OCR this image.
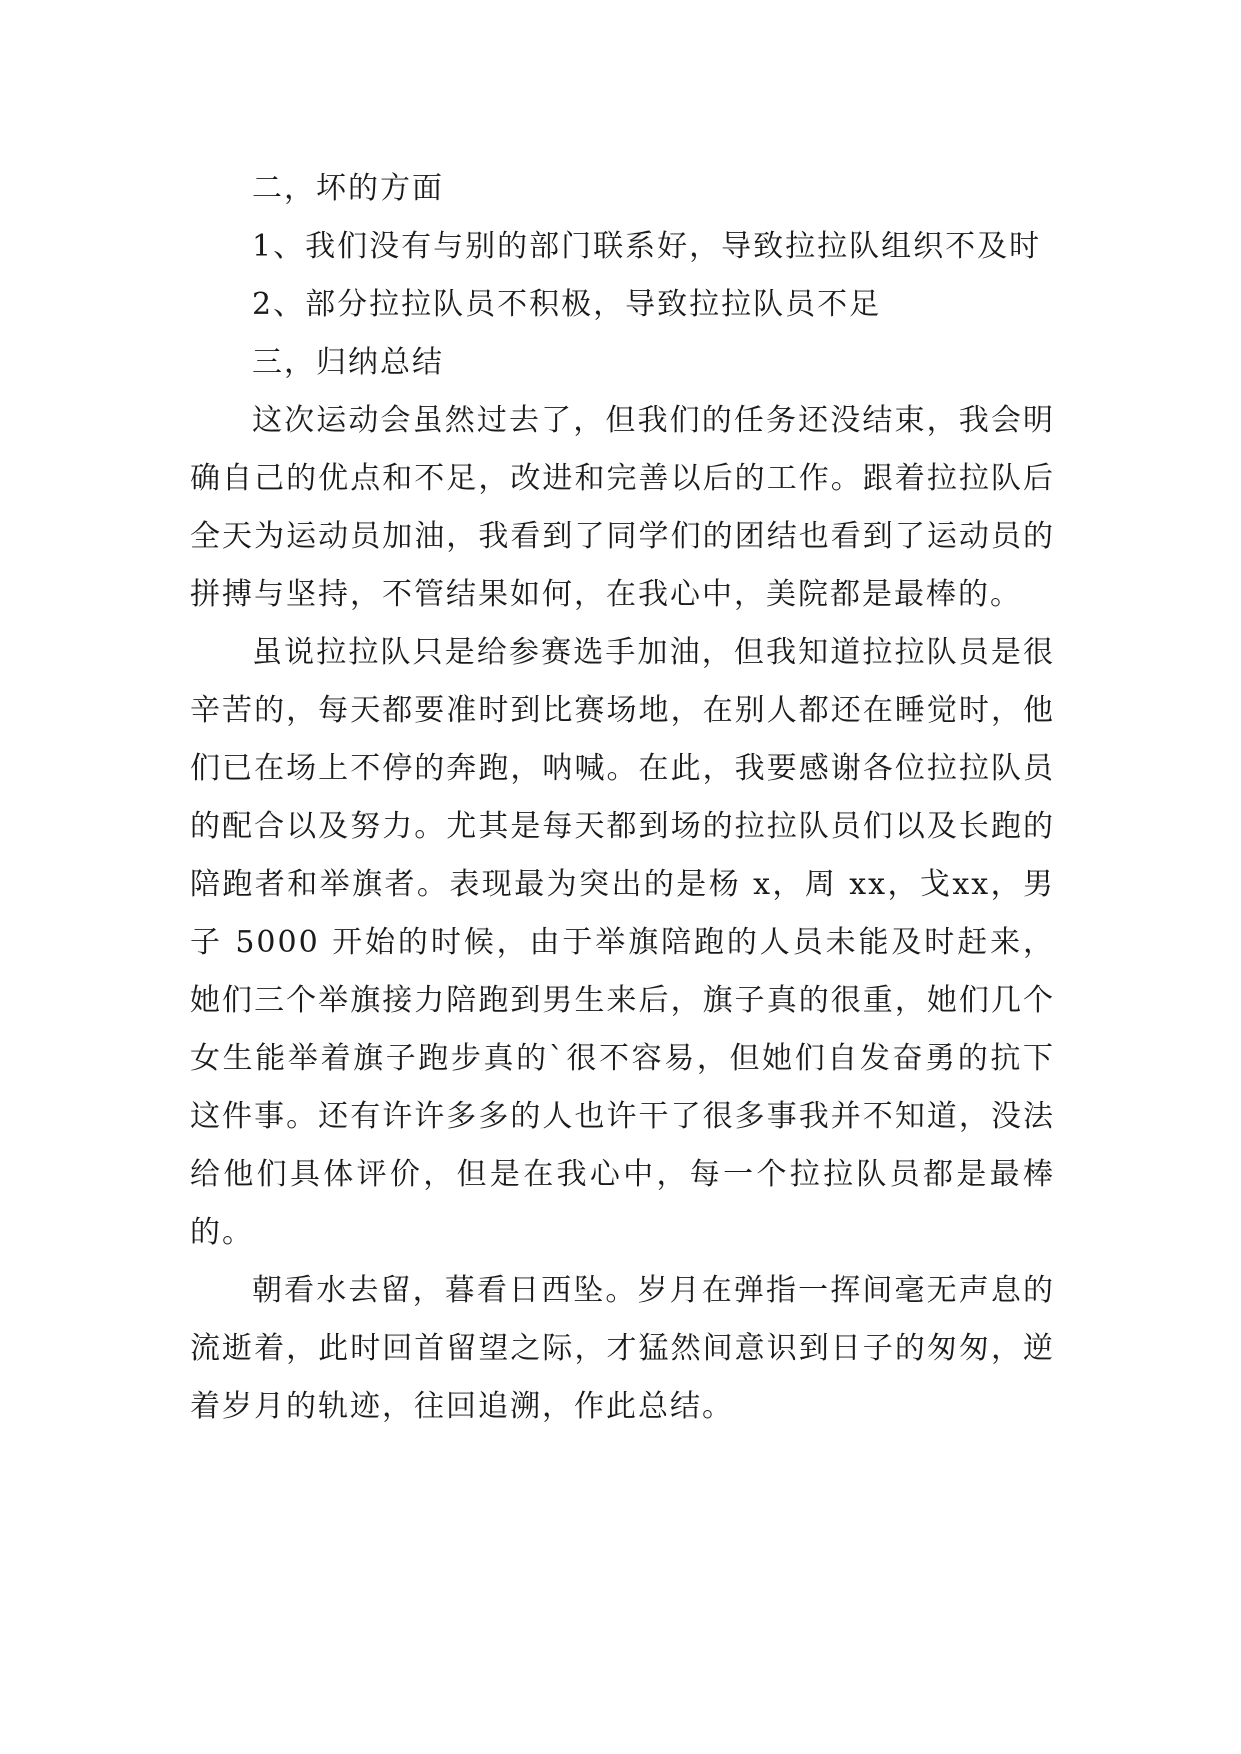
二，坏的方面

1、我们没有与别的部门联系好，导致拉拉队组织不及时

2、部分拉拉队员不积极，导致拉拉队员不足

三，归纳总结

这次运动会虽然过去了，但我们的任务还没结束，我会明确自己的优点和不足，改进和完善以后的工作。跟着拉拉队后全天为运动员加油，我看到了同学们的团结也看到了运动员的拼搏与坚持，不管结果如何，在我心中，美院都是最棒的。

虽说拉拉队只是给参赛选手加油，但我知道拉拉队员是很辛苦的，每天都要准时到比赛场地，在别人都还在睡觉时，他们已在场上不停的奔跑，呐喊。在此，我要感谢各位拉拉队员的配合以及努力。尤其是每天都到场的拉拉队员们以及长跑的陪跑者和举旗者。表现最为突出的是杨 x，周 xx，戈xx，男子 5000 开始的时候，由于举旗陪跑的人员未能及时赶来，她们三个举旗接力陪跑到男生来后，旗子真的很重，她们几个女生能举着旗子跑步真的`很不容易，但她们自发奋勇的抗下这件事。还有许许多多的人也许干了很多事我并不知道，没法给他们具体评价，但是在我心中，每一个拉拉队员都是最棒的。

朝看水去留，暮看日西坠。岁月在弹指一挥间毫无声息的流逝着，此时回首留望之际，才猛然间意识到日子的匆匆，逆着岁月的轨迹，往回追溯，作此总结。
